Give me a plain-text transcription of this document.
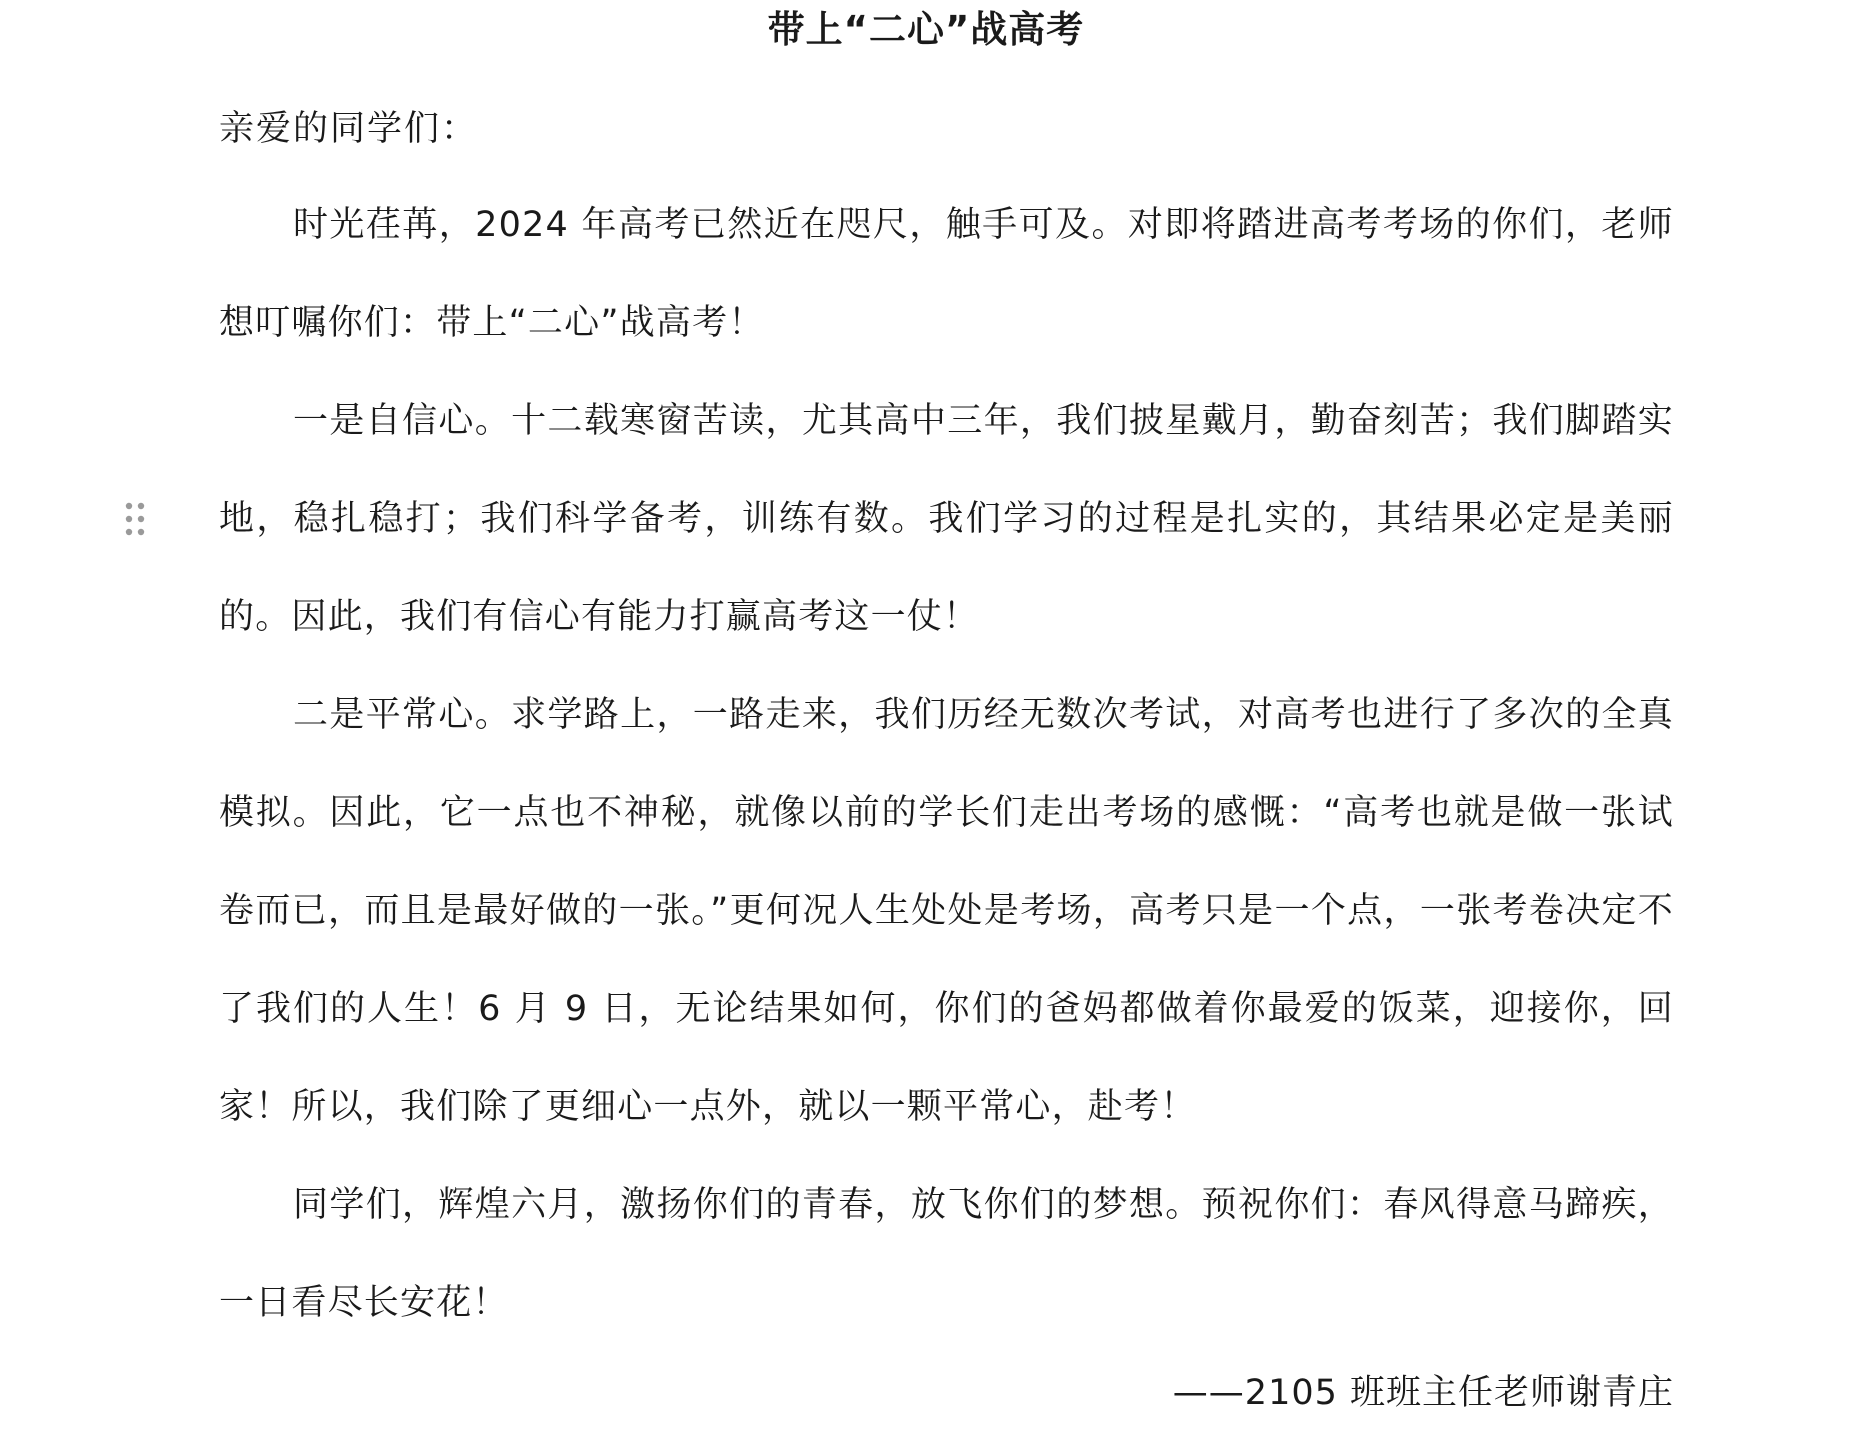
带上“二心”战高考
亲爱的同学们：

时光荏苒，2024 年高考已然近在咫尺，触手可及。对即将踏进高考考场的你们，老师想叮嘱你们：带上“二心”战高考！

一是自信心。十二载寒窗苦读，尤其高中三年，我们披星戴月，勤奋刻苦；我们脚踏实地，稳扎稳打；我们科学备考，训练有数。我们学习的过程是扎实的，其结果必定是美丽的。因此，我们有信心有能力打赢高考这一仗！

二是平常心。求学路上，一路走来，我们历经无数次考试，对高考也进行了多次的全真模拟。因此，它一点也不神秘，就像以前的学长们走出考场的感慨：“高考也就是做一张试卷而已，而且是最好做的一张。”更何况人生处处是考场，高考只是一个点，一张考卷决定不了我们的人生！6 月 9 日，无论结果如何，你们的爸妈都做着你最爱的饭菜，迎接你，回家！所以，我们除了更细心一点外，就以一颗平常心，赴考！

同学们，辉煌六月，激扬你们的青春，放飞你们的梦想。预祝你们：春风得意马蹄疾，一日看尽长安花！

——2105 班班主任老师谢青庄
